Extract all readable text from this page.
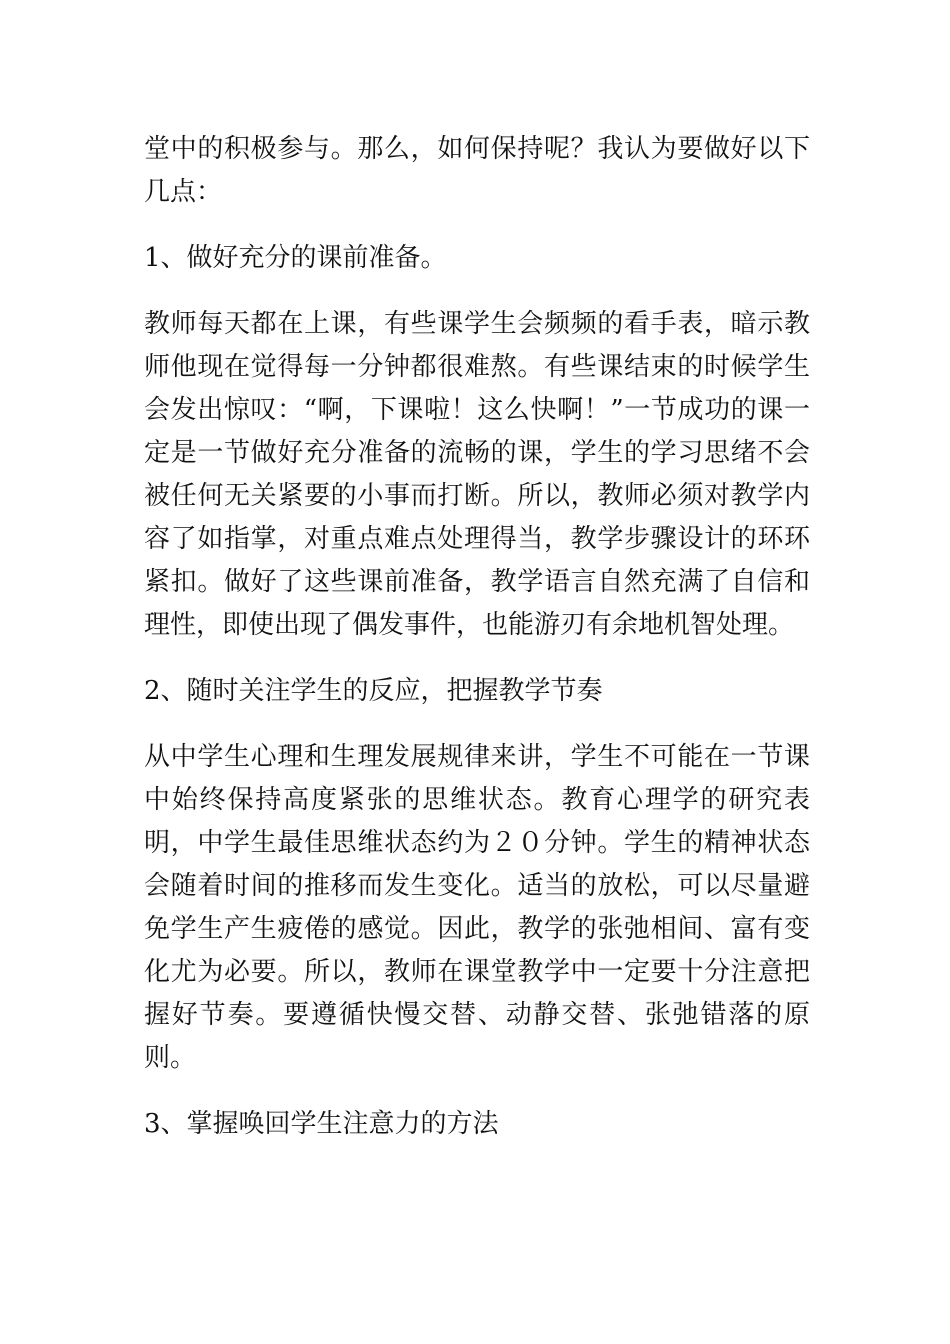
堂中的积极参与。那么，如何保持呢？我认为要做好以下几点：

1、做好充分的课前准备。

教师每天都在上课，有些课学生会频频的看手表，暗示教师他现在觉得每一分钟都很难熬。有些课结束的时候学生会发出惊叹：“啊，下课啦！这么快啊！”一节成功的课一定是一节做好充分准备的流畅的课，学生的学习思绪不会被任何无关紧要的小事而打断。所以，教师必须对教学内容了如指掌，对重点难点处理得当，教学步骤设计的环环紧扣。做好了这些课前准备，教学语言自然充满了自信和理性，即使出现了偶发事件，也能游刃有余地机智处理。

2、随时关注学生的反应，把握教学节奏

从中学生心理和生理发展规律来讲，学生不可能在一节课中始终保持高度紧张的思维状态。教育心理学的研究表明，中学生最佳思维状态约为２０分钟。学生的精神状态会随着时间的推移而发生变化。适当的放松，可以尽量避免学生产生疲倦的感觉。因此，教学的张弛相间、富有变化尤为必要。所以，教师在课堂教学中一定要十分注意把握好节奏。要遵循快慢交替、动静交替、张弛错落的原则。

3、掌握唤回学生注意力的方法
